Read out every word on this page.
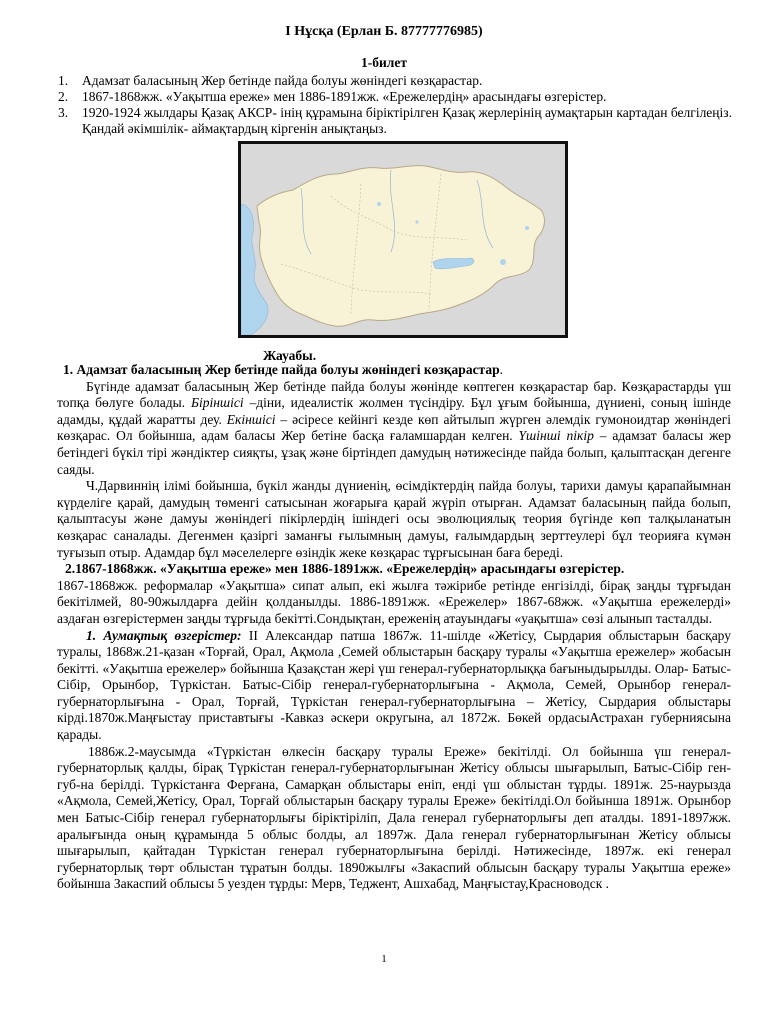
І Нұсқа (Ерлан Б. 87777776985)
1-билет
1. Адамзат баласының Жер бетінде пайда болуы жөніндегі көзқарастар.
2. 1867-1868жж. «Уақытша ереже» мен 1886-1891жж. «Ережелердің» арасындағы өзгерістер.
3. 1920-1924 жылдары Қазақ АКСР- інің құрамына біріктірілген Қазақ жерлерінің аумақтарын картадан белгілеңіз. Қандай әкімшілік- аймақтардың кіргенін анықтаңыз.
Жауабы.

1. Адамзат баласының Жер бетінде пайда болуы жөніндегі көзқарастар.

Бүгінде адамзат баласының Жер бетінде пайда болуы жөнінде көптеген көзқарастар бар. Көзқарастарды үш топқа бөлуге болады. Біріншісі –діни, идеалистік жолмен түсіндіру. Бұл ұғым бойынша, дүниені, соның ішінде адамды, құдай жаратты деу. Екіншісі – әсіресе кейінгі кезде көп айтылып жүрген әлемдік гумоноидтар жөніндегі көзқарас. Ол бойынша, адам баласы Жер бетіне басқа ғаламшардан келген. Үшінші пікір – адамзат баласы жер бетіндегі бүкіл тірі жәндіктер сияқты, ұзақ және біртіндеп дамудың нәтижесінде пайда болып, қалыптасқан дегенге саяды.

Ч.Дарвиннің ілімі бойынша, бүкіл жанды дүниенің, өсімдіктердің пайда болуы, тарихи дамуы қарапайымнан күрделіге қарай, дамудың төменгі сатысынан жоғарыға қарай жүріп отырған. Адамзат баласының пайда болып, қалыптасуы және дамуы жөніндегі пікірлердің ішіндегі осы эволюциялық теория бүгінде көп талқыланатын көзқарас саналады. Дегенмен қазіргі заманғы ғылымның дамуы, ғалымдардың зерттеулері бұл теорияға күмән туғызып отыр. Адамдар бұл мәселелерге өзіндік жеке көзқарас тұрғысынан баға береді.

2.1867-1868жж. «Уақытша ереже» мен 1886-1891жж. «Ережелердің» арасындағы өзгерістер.

1867-1868жж. реформалар «Уақытша» сипат алып, екі жылға тәжірибе ретінде енгізілді, бірақ заңды тұрғыдан бекітілмей, 80-90жылдарға дейін қолданылды. 1886-1891жж. «Ережелер» 1867-68жж. «Уақытша ережелерді» аздаған өзгерістермен заңды тұрғыда бекітті.Сондықтан, ереженің атауындағы «уақытша» сөзі алынып тасталды.

1. Аумақтық өзгерістер: ІІ Александар патша 1867ж. 11-шілде «Жетісу, Сырдария облыстарын басқару туралы, 1868ж.21-қазан «Торғай, Орал, Ақмола ,Семей облыстарын басқару туралы «Уақытша ережелер» жобасын бекітті. «Уақытша ережелер» бойынша Қазақстан жері үш генерал-губернаторлыққа бағыныдырылды. Олар- Батыс-Сібір, Орынбор, Түркістан. Батыс-Сібір генерал-губернаторлығына - Ақмола, Семей, Орынбор генерал-губернаторлығына - Орал, Торғай, Түркістан генерал-губернаторлығына – Жетісу, Сырдария облыстары кірді.1870ж.Маңғыстау приставтығы -Кавказ әскери округына, ал 1872ж. Бөкей ордасыАстрахан губерниясына қарады.

1886ж.2-маусымда «Түркістан өлкесін басқару туралы Ереже» бекітілді. Ол бойынша үш генерал-губернаторлық қалды, бірақ Түркістан генерал-губернаторлығынан Жетісу облысы шығарылып, Батыс-Сібір ген-губ-на берілді. Түркістанға Ферғана, Самарқан облыстары еніп, енді үш облыстан тұрды. 1891ж. 25-наурызда «Ақмола, Семей,Жетісу, Орал, Торғай облыстарын басқару туралы Ереже» бекітілді.Ол бойынша 1891ж. Орынбор мен Батыс-Сібір генерал губернаторлығы біріктіріліп, Дала генерал губернаторлығы деп аталды. 1891-1897жж. аралығында оның құрамында 5 облыс болды, ал 1897ж. Дала генерал губернаторлығынан Жетісу облысы шығарылып, қайтадан Түркістан генерал губернаторлығына берілді. Нәтижесінде, 1897ж. екі генерал губернаторлық төрт облыстан тұратын болды. 1890жылғы «Закаспий облысын басқару туралы Уақытша ереже» бойынша Закаспий облысы 5 уезден тұрды: Мерв, Теджент, Ашхабад, Маңғыстау,Красноводск .

1
